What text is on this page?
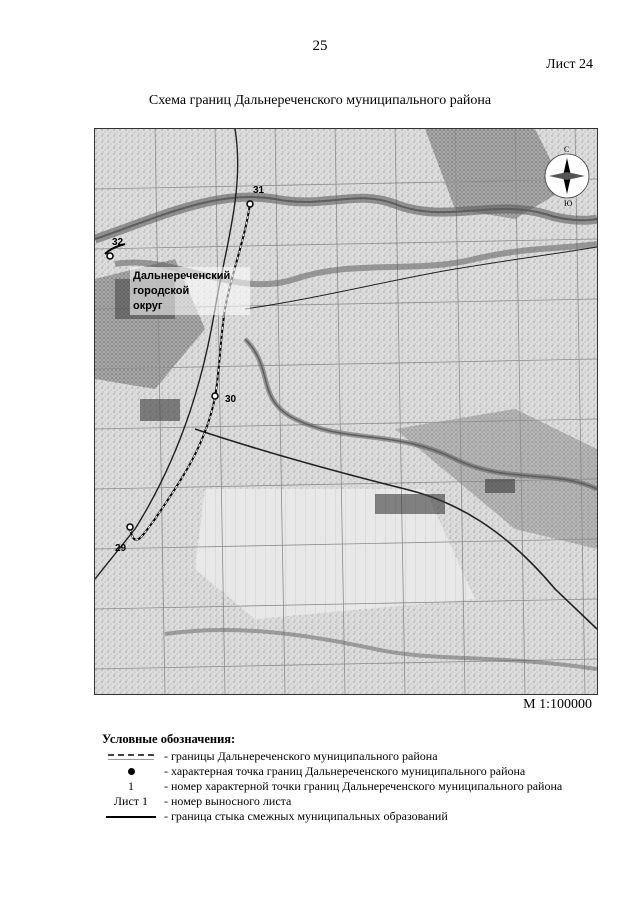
25
Лист 24
Схема границ Дальнереченского муниципального района
31
32
30
29
Дальнереченский
городской
округ
С
Ю
М 1:100000
Условные обозначения:
- границы Дальнереченского муниципального района
- характерная точка границ Дальнереченского муниципального района
1	- номер характерной точки границ Дальнереченского муниципального района
Лист 1	- номер выносного листа
- граница стыка смежных муниципальных образований
